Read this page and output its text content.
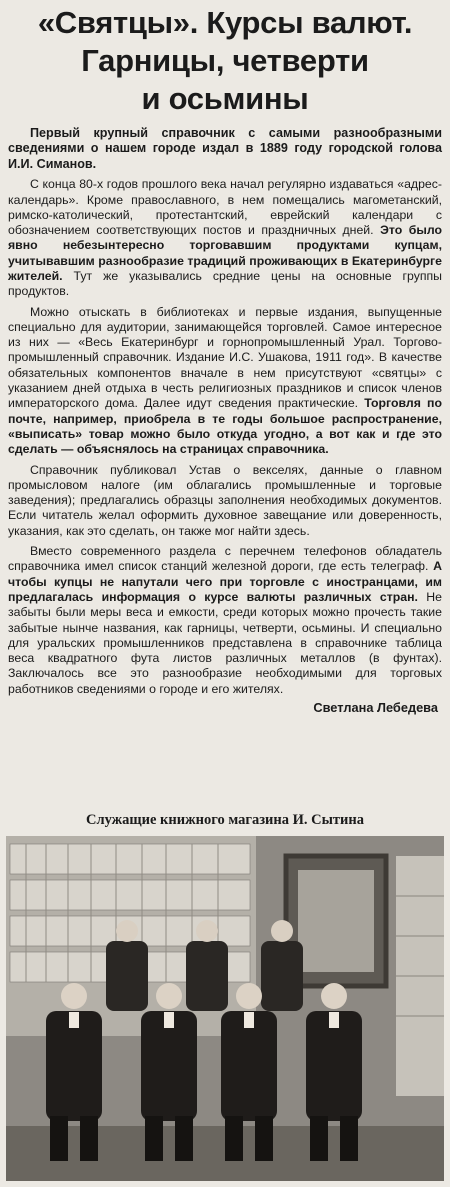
«Святцы». Курсы валют.
Гарницы, четверти
и осьмины

Первый крупный справочник с самыми разнообразными сведениями о нашем городе издал в 1889 году городской голова И.И. Симанов.

С конца 80-х годов прошлого века начал регулярно издаваться «адрес-календарь». Кроме православного, в нем помещались магометанский, римско-католический, протестантский, еврейский календари с обозначением соответствующих постов и праздничных дней. Это было явно небезынтересно торговавшим продуктами купцам, учитывавшим разнообразие традиций проживающих в Екатеринбурге жителей. Тут же указывались средние цены на основные группы продуктов.

Можно отыскать в библиотеках и первые издания, выпущенные специально для аудитории, занимающейся торговлей. Самое интересное из них — «Весь Екатеринбург и горнопромышленный Урал. Торгово-промышленный справочник. Издание И.С. Ушакова, 1911 год». В качестве обязательных компонентов вначале в нем присутствуют «святцы» с указанием дней отдыха в честь религиозных праздников и список членов императорского дома. Далее идут сведения практические. Торговля по почте, например, приобрела в те годы большое распространение, «выписать» товар можно было откуда угодно, а вот как и где это сделать — объяснялось на страницах справочника.

Справочник публиковал Устав о векселях, данные о главном промысловом налоге (им облагались промышленные и торговые заведения); предлагались образцы заполнения необходимых документов. Если читатель желал оформить духовное завещание или доверенность, указания, как это сделать, он также мог найти здесь.

Вместо современного раздела с перечнем телефонов обладатель справочника имел список станций железной дороги, где есть телеграф. А чтобы купцы не напутали чего при торговле с иностранцами, им предлагалась информация о курсе валюты различных стран. Не забыты были меры веса и емкости, среди которых можно прочесть такие забытые нынче названия, как гарницы, четверти, осьмины. И специально для уральских промышленников представлена в справочнике таблица веса квадратного фута листов различных металлов (в фунтах). Заключалось все это разнообразие необходимыми для торговых работников сведениями о городе и его жителях.

Светлана Лебедева
Служащие книжного магазина И. Сытина
